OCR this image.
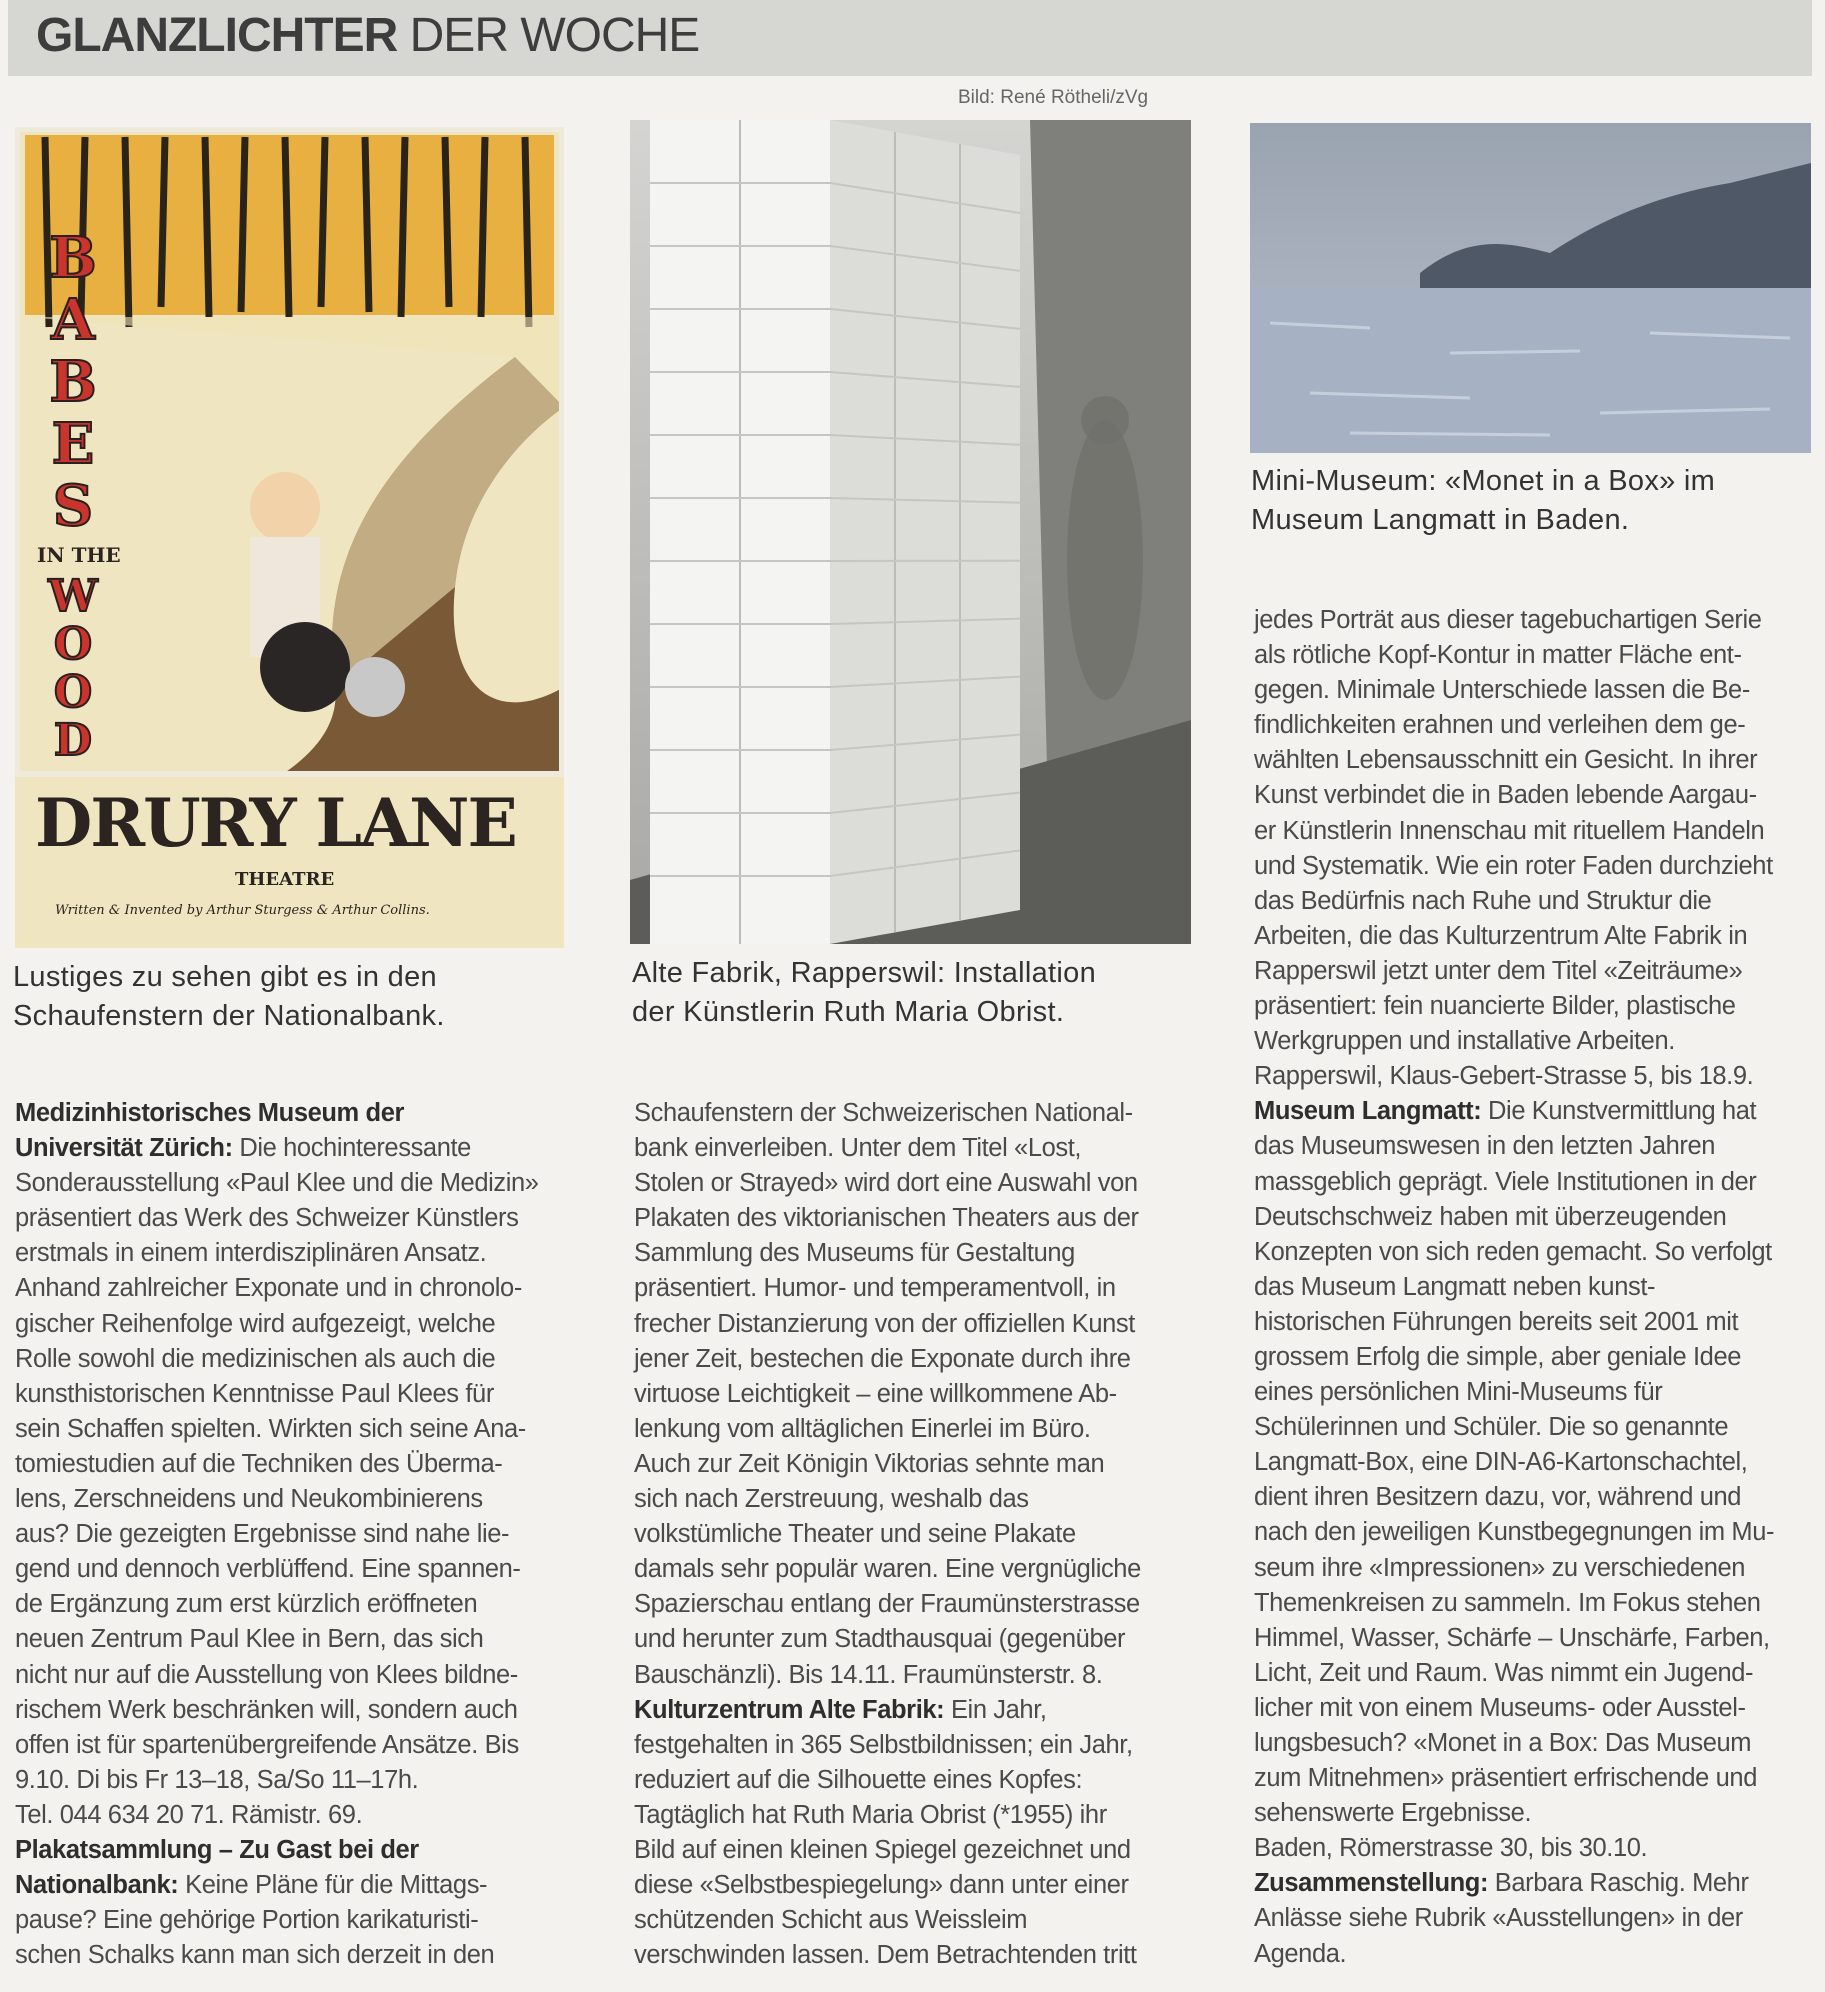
GLANZLICHTER DER WOCHE
Bild: René Rötheli/zVg
BABES
IN THE
WOOD
DRURY LANE
THEATRE
Written & Invented by Arthur Sturgess & Arthur Collins.
Lustiges zu sehen gibt es in den
Schaufenstern der Nationalbank.
Alte Fabrik, Rapperswil: Installation
der Künstlerin Ruth Maria Obrist.
Mini-Museum: «Monet in a Box» im
Museum Langmatt in Baden.
Medizinhistorisches Museum der
Universität Zürich: Die hochinteressante
Sonderausstellung «Paul Klee und die Medizin»
präsentiert das Werk des Schweizer Künstlers
erstmals in einem interdisziplinären Ansatz.
Anhand zahlreicher Exponate und in chronolo-
gischer Reihenfolge wird aufgezeigt, welche
Rolle sowohl die medizinischen als auch die
kunsthistorischen Kenntnisse Paul Klees für
sein Schaffen spielten. Wirkten sich seine Ana-
tomiestudien auf die Techniken des Überma-
lens, Zerschneidens und Neukombinierens
aus? Die gezeigten Ergebnisse sind nahe lie-
gend und dennoch verblüffend. Eine spannen-
de Ergänzung zum erst kürzlich eröffneten
neuen Zentrum Paul Klee in Bern, das sich
nicht nur auf die Ausstellung von Klees bildne-
rischem Werk beschränken will, sondern auch
offen ist für spartenübergreifende Ansätze. Bis
9.10. Di bis Fr 13–18, Sa/So 11–17h.
Tel. 044 634 20 71. Rämistr. 69.
Plakatsammlung – Zu Gast bei der
Nationalbank: Keine Pläne für die Mittags-
pause? Eine gehörige Portion karikaturisti-
schen Schalks kann man sich derzeit in den
Schaufenstern der Schweizerischen National-
bank einverleiben. Unter dem Titel «Lost,
Stolen or Strayed» wird dort eine Auswahl von
Plakaten des viktorianischen Theaters aus der
Sammlung des Museums für Gestaltung
präsentiert. Humor- und temperamentvoll, in
frecher Distanzierung von der offiziellen Kunst
jener Zeit, bestechen die Exponate durch ihre
virtuose Leichtigkeit – eine willkommene Ab-
lenkung vom alltäglichen Einerlei im Büro.
Auch zur Zeit Königin Viktorias sehnte man
sich nach Zerstreuung, weshalb das
volkstümliche Theater und seine Plakate
damals sehr populär waren. Eine vergnügliche
Spazierschau entlang der Fraumünsterstrasse
und herunter zum Stadthausquai (gegenüber
Bauschänzli). Bis 14.11. Fraumünsterstr. 8.
Kulturzentrum Alte Fabrik: Ein Jahr,
festgehalten in 365 Selbstbildnissen; ein Jahr,
reduziert auf die Silhouette eines Kopfes:
Tagtäglich hat Ruth Maria Obrist (*1955) ihr
Bild auf einen kleinen Spiegel gezeichnet und
diese «Selbstbespiegelung» dann unter einer
schützenden Schicht aus Weissleim
verschwinden lassen. Dem Betrachtenden tritt
jedes Porträt aus dieser tagebuchartigen Serie
als rötliche Kopf-Kontur in matter Fläche ent-
gegen. Minimale Unterschiede lassen die Be-
findlichkeiten erahnen und verleihen dem ge-
wählten Lebensausschnitt ein Gesicht. In ihrer
Kunst verbindet die in Baden lebende Aargau-
er Künstlerin Innenschau mit rituellem Handeln
und Systematik. Wie ein roter Faden durchzieht
das Bedürfnis nach Ruhe und Struktur die
Arbeiten, die das Kulturzentrum Alte Fabrik in
Rapperswil jetzt unter dem Titel «Zeiträume»
präsentiert: fein nuancierte Bilder, plastische
Werkgruppen und installative Arbeiten.
Rapperswil, Klaus-Gebert-Strasse 5, bis 18.9.
Museum Langmatt: Die Kunstvermittlung hat
das Museumswesen in den letzten Jahren
massgeblich geprägt. Viele Institutionen in der
Deutschschweiz haben mit überzeugenden
Konzepten von sich reden gemacht. So verfolgt
das Museum Langmatt neben kunst-
historischen Führungen bereits seit 2001 mit
grossem Erfolg die simple, aber geniale Idee
eines persönlichen Mini-Museums für
Schülerinnen und Schüler. Die so genannte
Langmatt-Box, eine DIN-A6-Kartonschachtel,
dient ihren Besitzern dazu, vor, während und
nach den jeweiligen Kunstbegegnungen im Mu-
seum ihre «Impressionen» zu verschiedenen
Themenkreisen zu sammeln. Im Fokus stehen
Himmel, Wasser, Schärfe – Unschärfe, Farben,
Licht, Zeit und Raum. Was nimmt ein Jugend-
licher mit von einem Museums- oder Ausstel-
lungsbesuch? «Monet in a Box: Das Museum
zum Mitnehmen» präsentiert erfrischende und
sehenswerte Ergebnisse.
Baden, Römerstrasse 30, bis 30.10.
Zusammenstellung: Barbara Raschig. Mehr
Anlässe siehe Rubrik «Ausstellungen» in der
Agenda.
